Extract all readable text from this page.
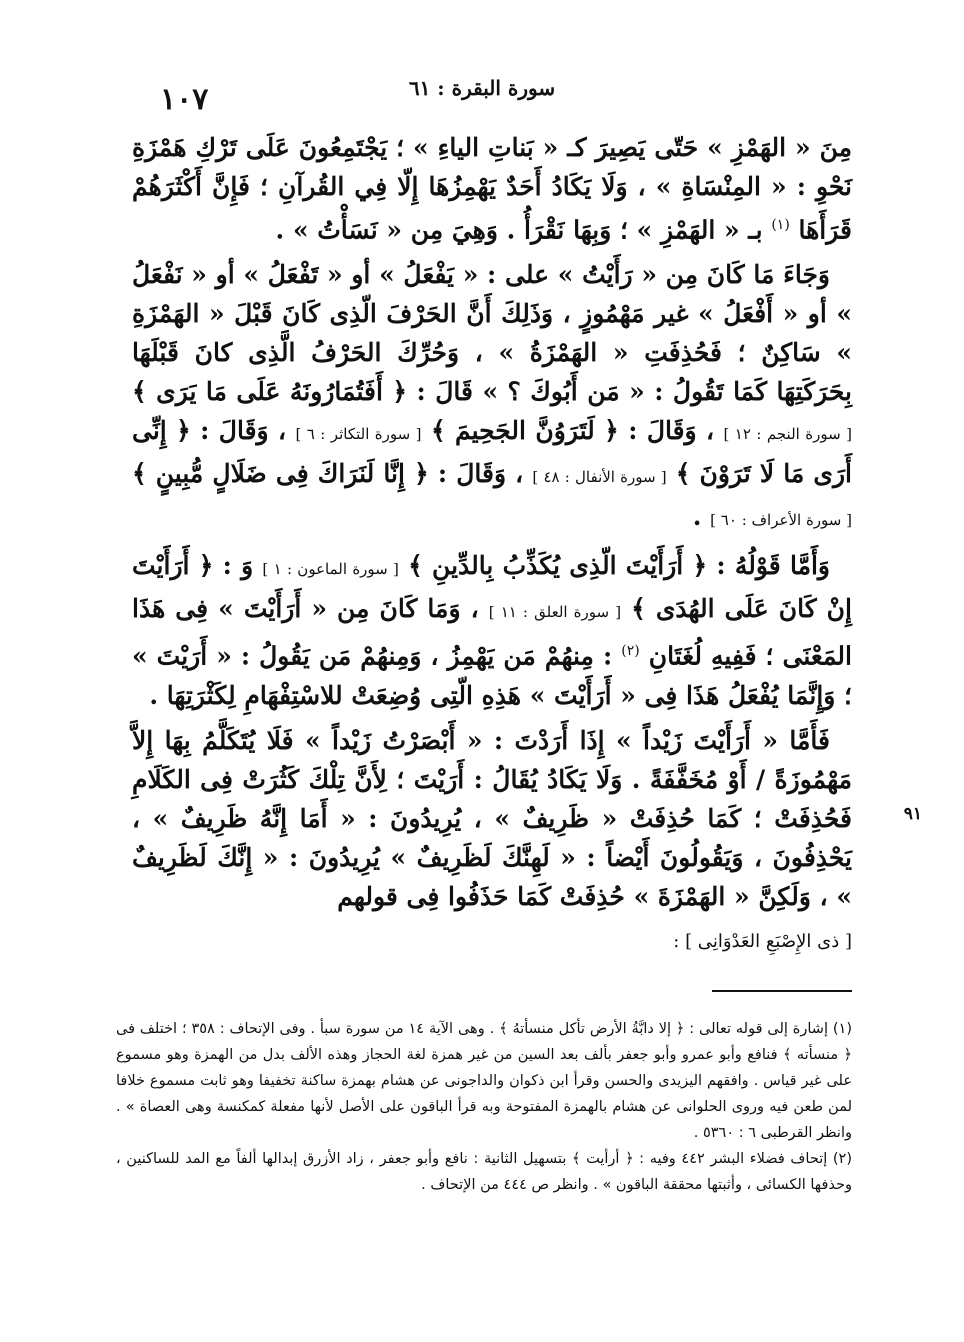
١٠٧	سورة البقرة : ٦١

مِنَ « الهَمْزِ » حَتّى يَصِيرَ كـ « بَناتِ الياءِ » ؛ يَجْتَمِعُونَ عَلَى تَرْكِ هَمْزَةِ نَحْوِ : « المِنْسَاةِ » ، وَلَا يَكَادُ أَحَدٌ يَهْمِزُهَا إِلّا فِي القُرآنِ ؛ فَإِنَّ أَكْثَرَهُمْ قَرَأَهَا $^{(١)}$ بـ « الهَمْزِ » ؛ وَبِهَا نَقْرَأُ . وَهِيَ مِن « نَسَأْتُ » .

وَجَاءَ مَا كَانَ مِن « رَأَيْتُ » على : « يَفْعَلُ » أو « تَفْعَلُ » أو « نَفْعَلُ » أو « أَفْعَلُ » غير مَهْمُوزٍ ، وَذَلِكَ أَنَّ الحَرْفَ الّذِى كَانَ قَبْلَ « الهَمْزَةِ » سَاكِنٌ ؛ فَحُذِفَتِ « الهَمْزَةُ » ، وَحُرِّكَ الحَرْفُ الَّذِى كانَ قَبْلَهَا بِحَرَكَتِهَا كَمَا تَقُولُ : « مَن أَبُوكَ ؟ » قَالَ : ﴿ أَفَتُمَارُونَهُ عَلَى مَا يَرَى ﴾ [ سورة النجم : ١٢ ] ، وَقَالَ : ﴿ لَتَرَوُنَّ الجَحِيمَ ﴾ [ سورة التكاثر : ٦ ] ، وَقَالَ : ﴿ إِنِّى أَرَى مَا لَا تَرَوْنَ ﴾ [ سورة الأنفال : ٤٨ ] ، وَقَالَ : ﴿ إِنَّا لَنَرَاكَ فِى ضَلَالٍ مُّبِينٍ ﴾ [ سورة الأعراف : ٦٠ ] .

وَأَمَّا قَوْلُهُ : ﴿ أَرَأَيْتَ الّذِى يُكَذِّبُ بِالدِّينِ ﴾ [ سورة الماعون : ١ ] وَ : ﴿ أَرَأَيْتَ إِنْ كَانَ عَلَى الهُدَى ﴾ [ سورة العلق : ١١ ] ، وَمَا كَانَ مِن « أَرَأَيْتَ » فِى هَذَا المَعْنَى ؛ فَفِيهِ لُغَتَانِ $^{(٢)}$ : مِنهُمْ مَن يَهْمِزُ ، وَمِنهُمْ مَن يَقُولُ : « أَرَيْتَ » ؛ وَإِنَّمَا يُفْعَلُ هَذَا فِى « أَرَأَيْتَ » هَذِهِ الّتِى وُضِعَتْ للاسْتِفْهَامِ لِكَثْرَتِهَا .

فَأَمَّا « أَرَأَيْتَ زَيْداً » إِذَا أَرَدْتَ : « أَبْصَرْتُ زَيْداً » فَلَا يُتَكَلَّمُ بِهَا إِلاَّ مَهْمُوزَةً / أَوْ مُخَفَّفَةً . وَلَا يَكَادُ يُقَالُ : أَرَيْتَ ؛ لِأَنَّ تِلْكَ كَثُرَتْ فِى الكَلَامِ فَحُذِفَتْ ؛ كَمَا حُذِفَتْ « ظَرِيفٌ » ، يُرِيدُونَ : « أَمَا إِنَّهُ ظَرِيفٌ » ، يَحْذِفُونَ ، وَيَقُولُونَ أَيْضاً : « لَهِنَّكَ لَظَرِيفٌ » يُرِيدُونَ : « إِنَّكَ لَظَرِيفٌ » ، وَلَكِنَّ « الهَمْزَةَ » حُذِفَتْ كَمَا حَذَفُوا فِى قولهم

[ ذى الإِصْبَعِ العَدْوَانِى ] :

٩١

(١) إشارة إلى قوله تعالى : ﴿ إلا دابَّةُ الأرض تأكل منسأتهُ ﴾ . وهى الآية ١٤ من سورة سبأ . وفى الإتحاف : ٣٥٨ ؛ اختلف فى ﴿ منسأته ﴾ فنافع وأبو عمرو وأبو جعفر بألف بعد السين من غير همزة لغة الحجاز وهذه الألف بدل من الهمزة وهو مسموع على غير قياس . وافقهم اليزيدى والحسن وقرأ ابن ذكوان والداجونى عن هشام بهمزة ساكنة تخفيفا وهو ثابت مسموع خلافا لمن طعن فيه وروى الحلوانى عن هشام بالهمزة المفتوحة وبه قرأ الباقون على الأصل لأنها مفعلة كمكنسة وهى العصاة » . وانظر القرطبى ٦ : ٥٣٦٠ .

(٢) إتحاف فضلاء البشر ٤٤٢ وفيه : ﴿ أرأيت ﴾ بتسهيل الثانية : نافع وأبو جعفر ، زاد الأزرق إبدالها ألفاً مع المد للساكنين ، وحذفها الكسائى ، وأثبتها محققة الباقون » . وانظر ص ٤٤٤ من الإتحاف .
